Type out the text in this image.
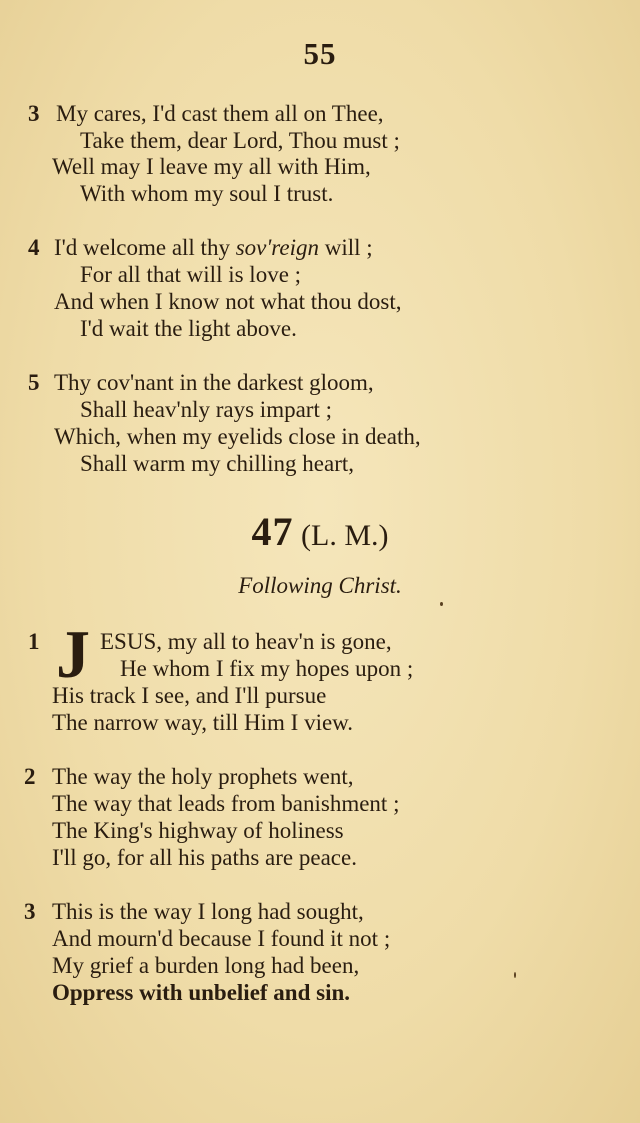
55
3 My cares, I'd cast them all on Thee,
Take them, dear Lord, Thou must ;
Well may I leave my all with Him,
With whom my soul I trust.
4 I'd welcome all thy sov'reign will ;
For all that will is love ;
And when I know not what thou dost,
I'd wait the light above.
5 Thy cov'nant in the darkest gloom,
Shall heav'nly rays impart ;
Which, when my eyelids close in death,
Shall warm my chilling heart,
47 (L. M.)
Following Christ.
1 J ESUS, my all to heav'n is gone,
He whom I fix my hopes upon ;
His track I see, and I'll pursue
The narrow way, till Him I view.
2 The way the holy prophets went,
The way that leads from banishment ;
The King's highway of holiness
I'll go, for all his paths are peace.
3 This is the way I long had sought,
And mourn'd because I found it not ;
My grief a burden long had been,
Oppress with unbelief and sin.
